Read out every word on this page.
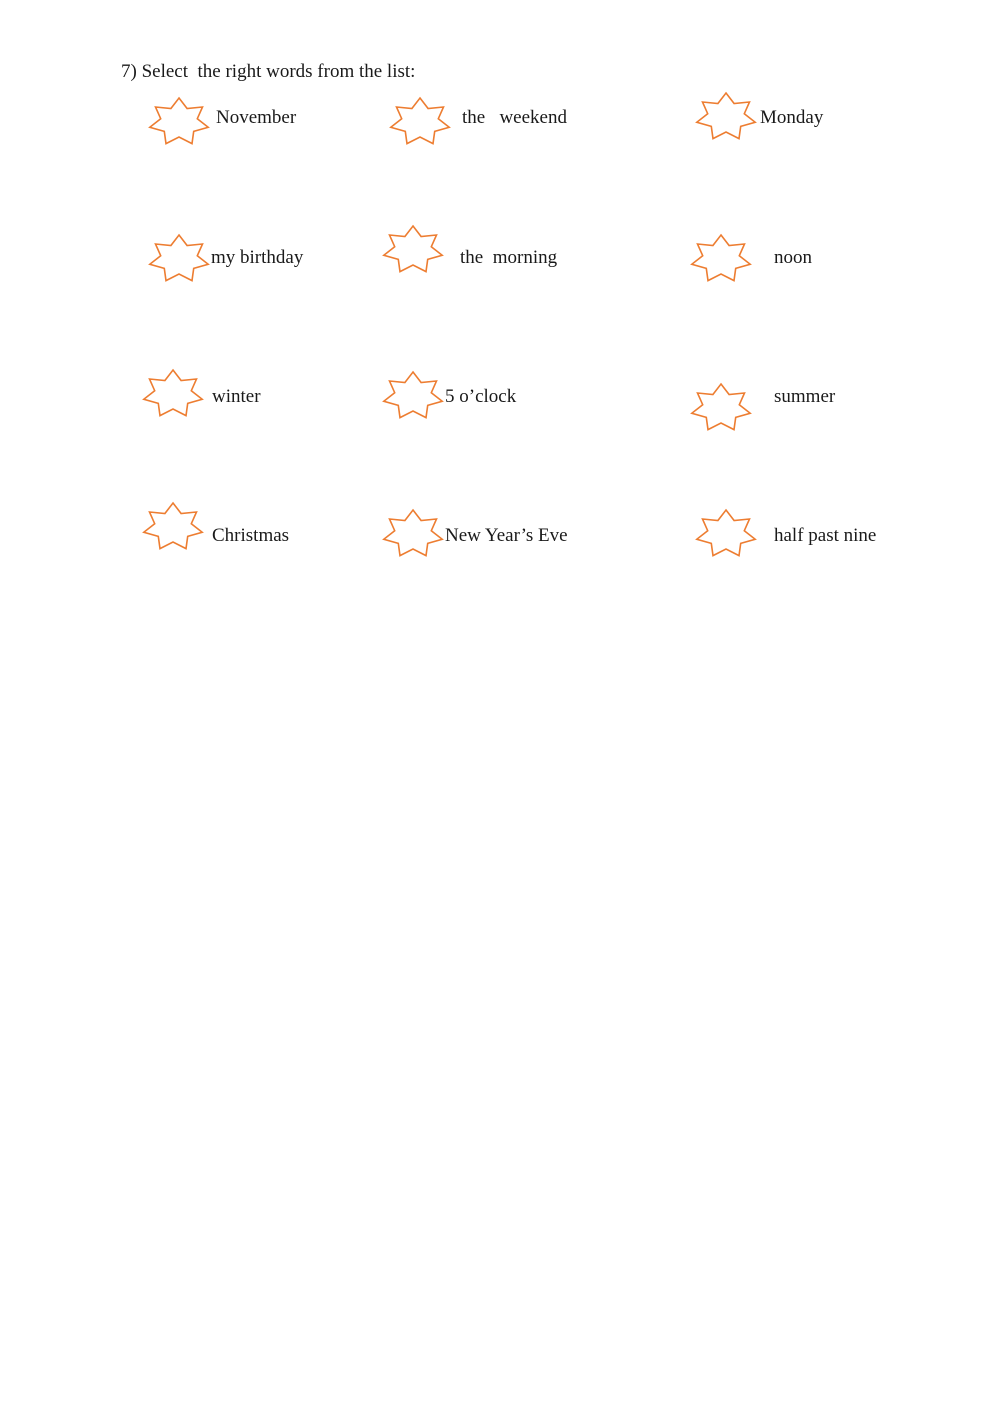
7) Select  the right words from the list:
November	the   weekend	Monday
my birthday	the  morning	noon
winter	5 o’clock	summer
Christmas	New Year’s Eve	half past nine
